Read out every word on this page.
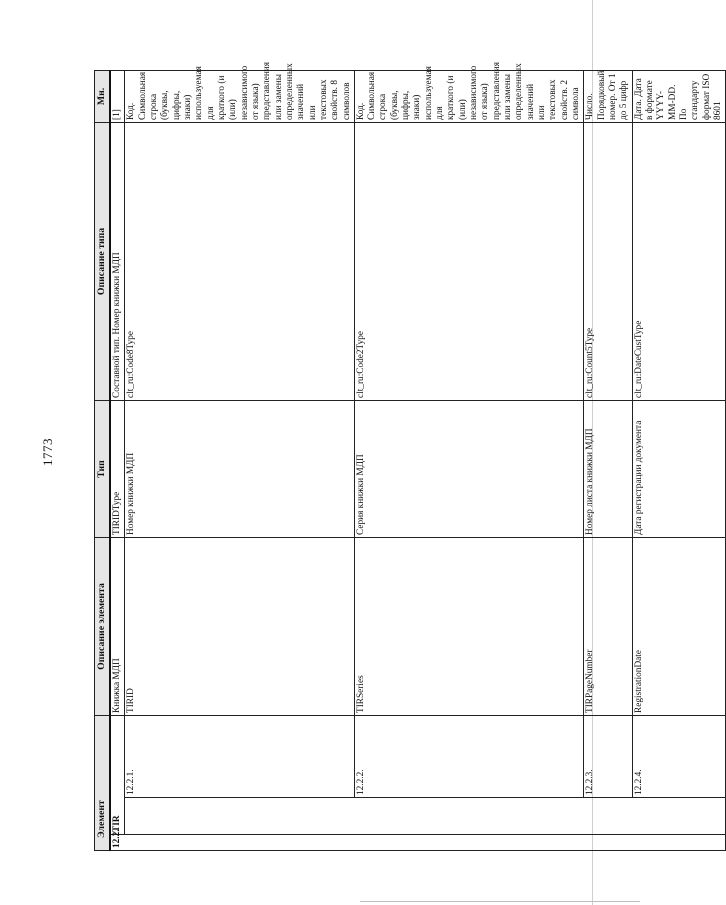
1773
Элемент			Описание элемента	Тип	Описание типа	Мн.	
12.2.	TIR		Книжка МДП	TIRIDType	Составной тип. Номер книжки МДП	[1]	
		12.2.1.	TIRID	Номер книжки МДП	clt_ru:Code8Type	Код. Символьная строка (буквы, цифры, знаки) используемая для краткого (и (или) независимого от языка) представления или замены определенных значений или текстовых свойств. 8 символов	
		12.2.2.	TIRSeries	Серия книжки МДП	clt_ru:Code2Type	Код. Символьная строка (буквы, цифры, знаки) используемая для краткого (и (или) независимого от языка) представления или замены определенных значений или текстовых свойств. 2 символа	
		12.2.3.	TIRPageNumber	Номер листа книжки МДП	clt_ru:Count5Type	Число. Порядковый номер. От 1 до 5 цифр	
		12.2.4.	RegistrationDate	Дата регистрации документа	clt_ru:DateCustType	Дата. Дата в формате YYYY-MM-DD. По стандарту формат ISO 8601	
